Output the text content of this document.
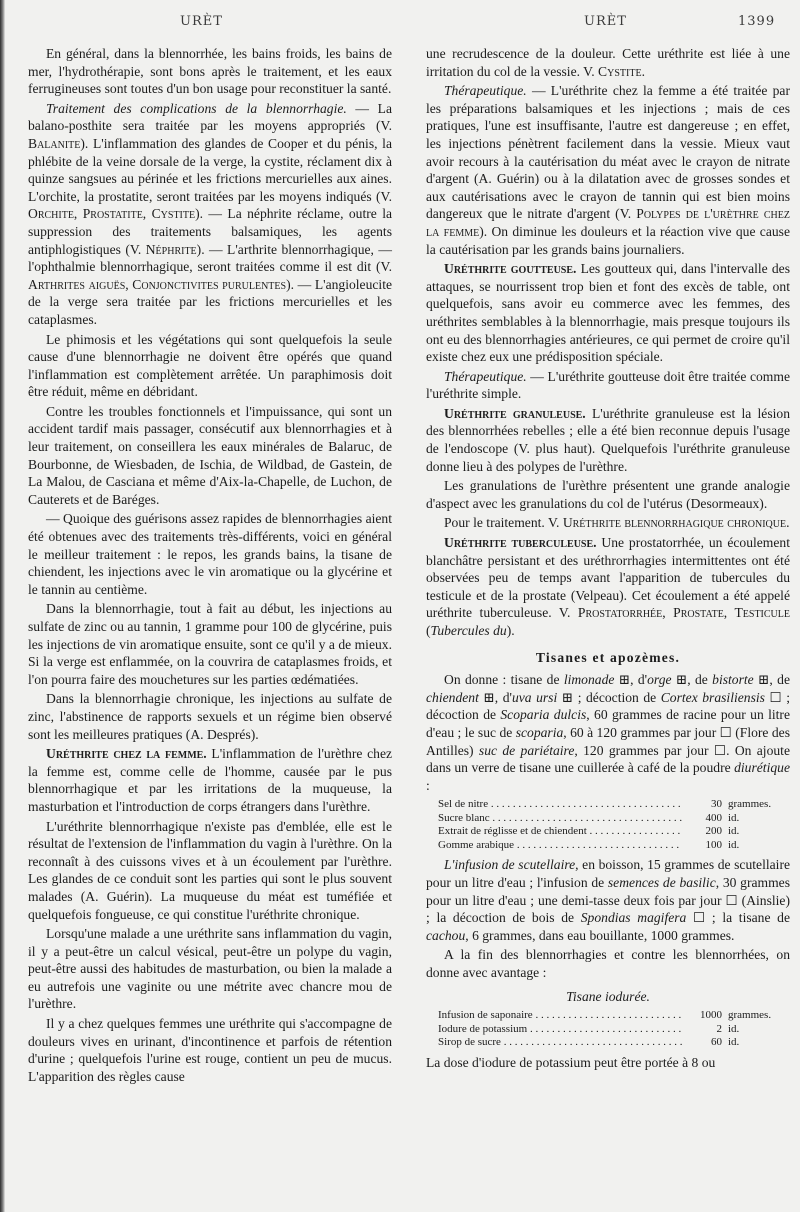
URÈT	URÈT	1399

En général, dans la blennorrhée, les bains froids, les bains de mer, l'hydrothérapie, sont bons après le traitement, et les eaux ferrugineuses sont toutes d'un bon usage pour reconstituer la santé.

Traitement des complications de la blennorrhagie. — La balano-posthite sera traitée par les moyens appropriés (V. Balanite). L'inflammation des glandes de Cooper et du pénis, la phlébite de la veine dorsale de la verge, la cystite, réclament dix à quinze sangsues au périnée et les frictions mercurielles aux aines. L'orchite, la prostatite, seront traitées par les moyens indiqués (V. Orchite, Prostatite, Cystite). — La néphrite réclame, outre la suppression des traitements balsamiques, les agents antiphlogistiques (V. Néphrite). — L'arthrite blennorrhagique, — l'ophthalmie blennorrhagique, seront traitées comme il est dit (V. Arthrites aiguës, Conjonctivites purulentes). — L'angioleucite de la verge sera traitée par les frictions mercurielles et les cataplasmes.

Le phimosis et les végétations qui sont quelquefois la seule cause d'une blennorrhagie ne doivent être opérés que quand l'inflammation est complètement arrêtée. Un paraphimosis doit être réduit, même en débridant.

Contre les troubles fonctionnels et l'impuissance, qui sont un accident tardif mais passager, consécutif aux blennorrhagies et à leur traitement, on conseillera les eaux minérales de Balaruc, de Bourbonne, de Wiesbaden, de Ischia, de Wildbad, de Gastein, de La Malou, de Casciana et même d'Aix-la-Chapelle, de Luchon, de Cauterets et de Baréges.

— Quoique des guérisons assez rapides de blennorrhagies aient été obtenues avec des traitements très-différents, voici en général le meilleur traitement : le repos, les grands bains, la tisane de chiendent, les injections avec le vin aromatique ou la glycérine et le tannin au centième.

Dans la blennorrhagie, tout à fait au début, les injections au sulfate de zinc ou au tannin, 1 gramme pour 100 de glycérine, puis les injections de vin aromatique ensuite, sont ce qu'il y a de mieux. Si la verge est enflammée, on la couvrira de cataplasmes froids, et l'on pourra faire des mouchetures sur les parties œdématiées.

Dans la blennorrhagie chronique, les injections au sulfate de zinc, l'abstinence de rapports sexuels et un régime bien observé sont les meilleures pratiques (A. Després).

Uréthrite chez la femme. L'inflammation de l'urèthre chez la femme est, comme celle de l'homme, causée par le pus blennorrhagique et par les irritations de la muqueuse, la masturbation et l'introduction de corps étrangers dans l'urèthre.

L'uréthrite blennorrhagique n'existe pas d'emblée, elle est le résultat de l'extension de l'inflammation du vagin à l'urèthre. On la reconnaît à des cuissons vives et à un écoulement par l'urèthre. Les glandes de ce conduit sont les parties qui sont le plus souvent malades (A. Guérin). La muqueuse du méat est tuméfiée et quelquefois fongueuse, ce qui constitue l'uréthrite chronique.

Lorsqu'une malade a une uréthrite sans inflammation du vagin, il y a peut-être un calcul vésical, peut-être un polype du vagin, peut-être aussi des habitudes de masturbation, ou bien la malade a eu autrefois une vaginite ou une métrite avec chancre mou de l'urèthre.

Il y a chez quelques femmes une uréthrite qui s'accompagne de douleurs vives en urinant, d'incontinence et parfois de rétention d'urine ; quelquefois l'urine est rouge, contient un peu de mucus. L'apparition des règles cause

une recrudescence de la douleur. Cette uréthrite est liée à une irritation du col de la vessie. V. Cystite.

Thérapeutique. — L'uréthrite chez la femme a été traitée par les préparations balsamiques et les injections ; mais de ces pratiques, l'une est insuffisante, l'autre est dangereuse ; en effet, les injections pénètrent facilement dans la vessie. Mieux vaut avoir recours à la cautérisation du méat avec le crayon de nitrate d'argent (A. Guérin) ou à la dilatation avec de grosses sondes et aux cautérisations avec le crayon de tannin qui est bien moins dangereux que le nitrate d'argent (V. Polypes de l'urèthre chez la femme). On diminue les douleurs et la réaction vive que cause la cautérisation par les grands bains journaliers.

Uréthrite goutteuse. Les goutteux qui, dans l'intervalle des attaques, se nourrissent trop bien et font des excès de table, ont quelquefois, sans avoir eu commerce avec les femmes, des uréthrites semblables à la blennorrhagie, mais presque toujours ils ont eu des blennorrhagies antérieures, ce qui permet de croire qu'il existe chez eux une prédisposition spéciale.

Thérapeutique. — L'uréthrite goutteuse doit être traitée comme l'uréthrite simple.

Uréthrite granuleuse. L'uréthrite granuleuse est la lésion des blennorrhées rebelles ; elle a été bien reconnue depuis l'usage de l'endoscope (V. plus haut). Quelquefois l'uréthrite granuleuse donne lieu à des polypes de l'urèthre.

Les granulations de l'urèthre présentent une grande analogie d'aspect avec les granulations du col de l'utérus (Desormeaux).

Pour le traitement. V. Uréthrite blennorrhagique chronique.

Uréthrite tuberculeuse. Une prostatorrhée, un écoulement blanchâtre persistant et des uréthrorrhagies intermittentes ont été observées peu de temps avant l'apparition de tubercules du testicule et de la prostate (Velpeau). Cet écoulement a été appelé uréthrite tuberculeuse. V. Prostatorrhée, Prostate, Testicule (Tubercules du).

Tisanes et apozèmes.

On donne : tisane de limonade ⊞, d'orge ⊞, de bistorte ⊞, de chiendent ⊞, d'uva ursi ⊞ ; décoction de Cortex brasiliensis ☐ ; décoction de Scoparia dulcis, 60 grammes de racine pour un litre d'eau ; le suc de scoparia, 60 à 120 grammes par jour ☐ (Flore des Antilles) suc de pariétaire, 120 grammes par jour ☐. On ajoute dans un verre de tisane une cuillerée à café de la poudre diurétique :

Sel de nitre . . .	30 grammes.
Sucre blanc . . .	400 id.
Extrait de réglisse et de chiendent . . .	200 id.
Gomme arabique . . .	100 id.

L'infusion de scutellaire, en boisson, 15 grammes de scutellaire pour un litre d'eau ; l'infusion de semences de basilic, 30 grammes pour un litre d'eau ; une demi-tasse deux fois par jour ☐ (Ainslie) ; la décoction de bois de Spondias magifera ☐ ; la tisane de cachou, 6 grammes, dans eau bouillante, 1000 grammes.

A la fin des blennorrhagies et contre les blennorrhées, on donne avec avantage :

Tisane iodurée.

Infusion de saponaire . . .	1000 grammes.
Iodure de potassium . . .	2 id.
Sirop de sucre . . .	60 id.

La dose d'iodure de potassium peut être portée à 8 ou
